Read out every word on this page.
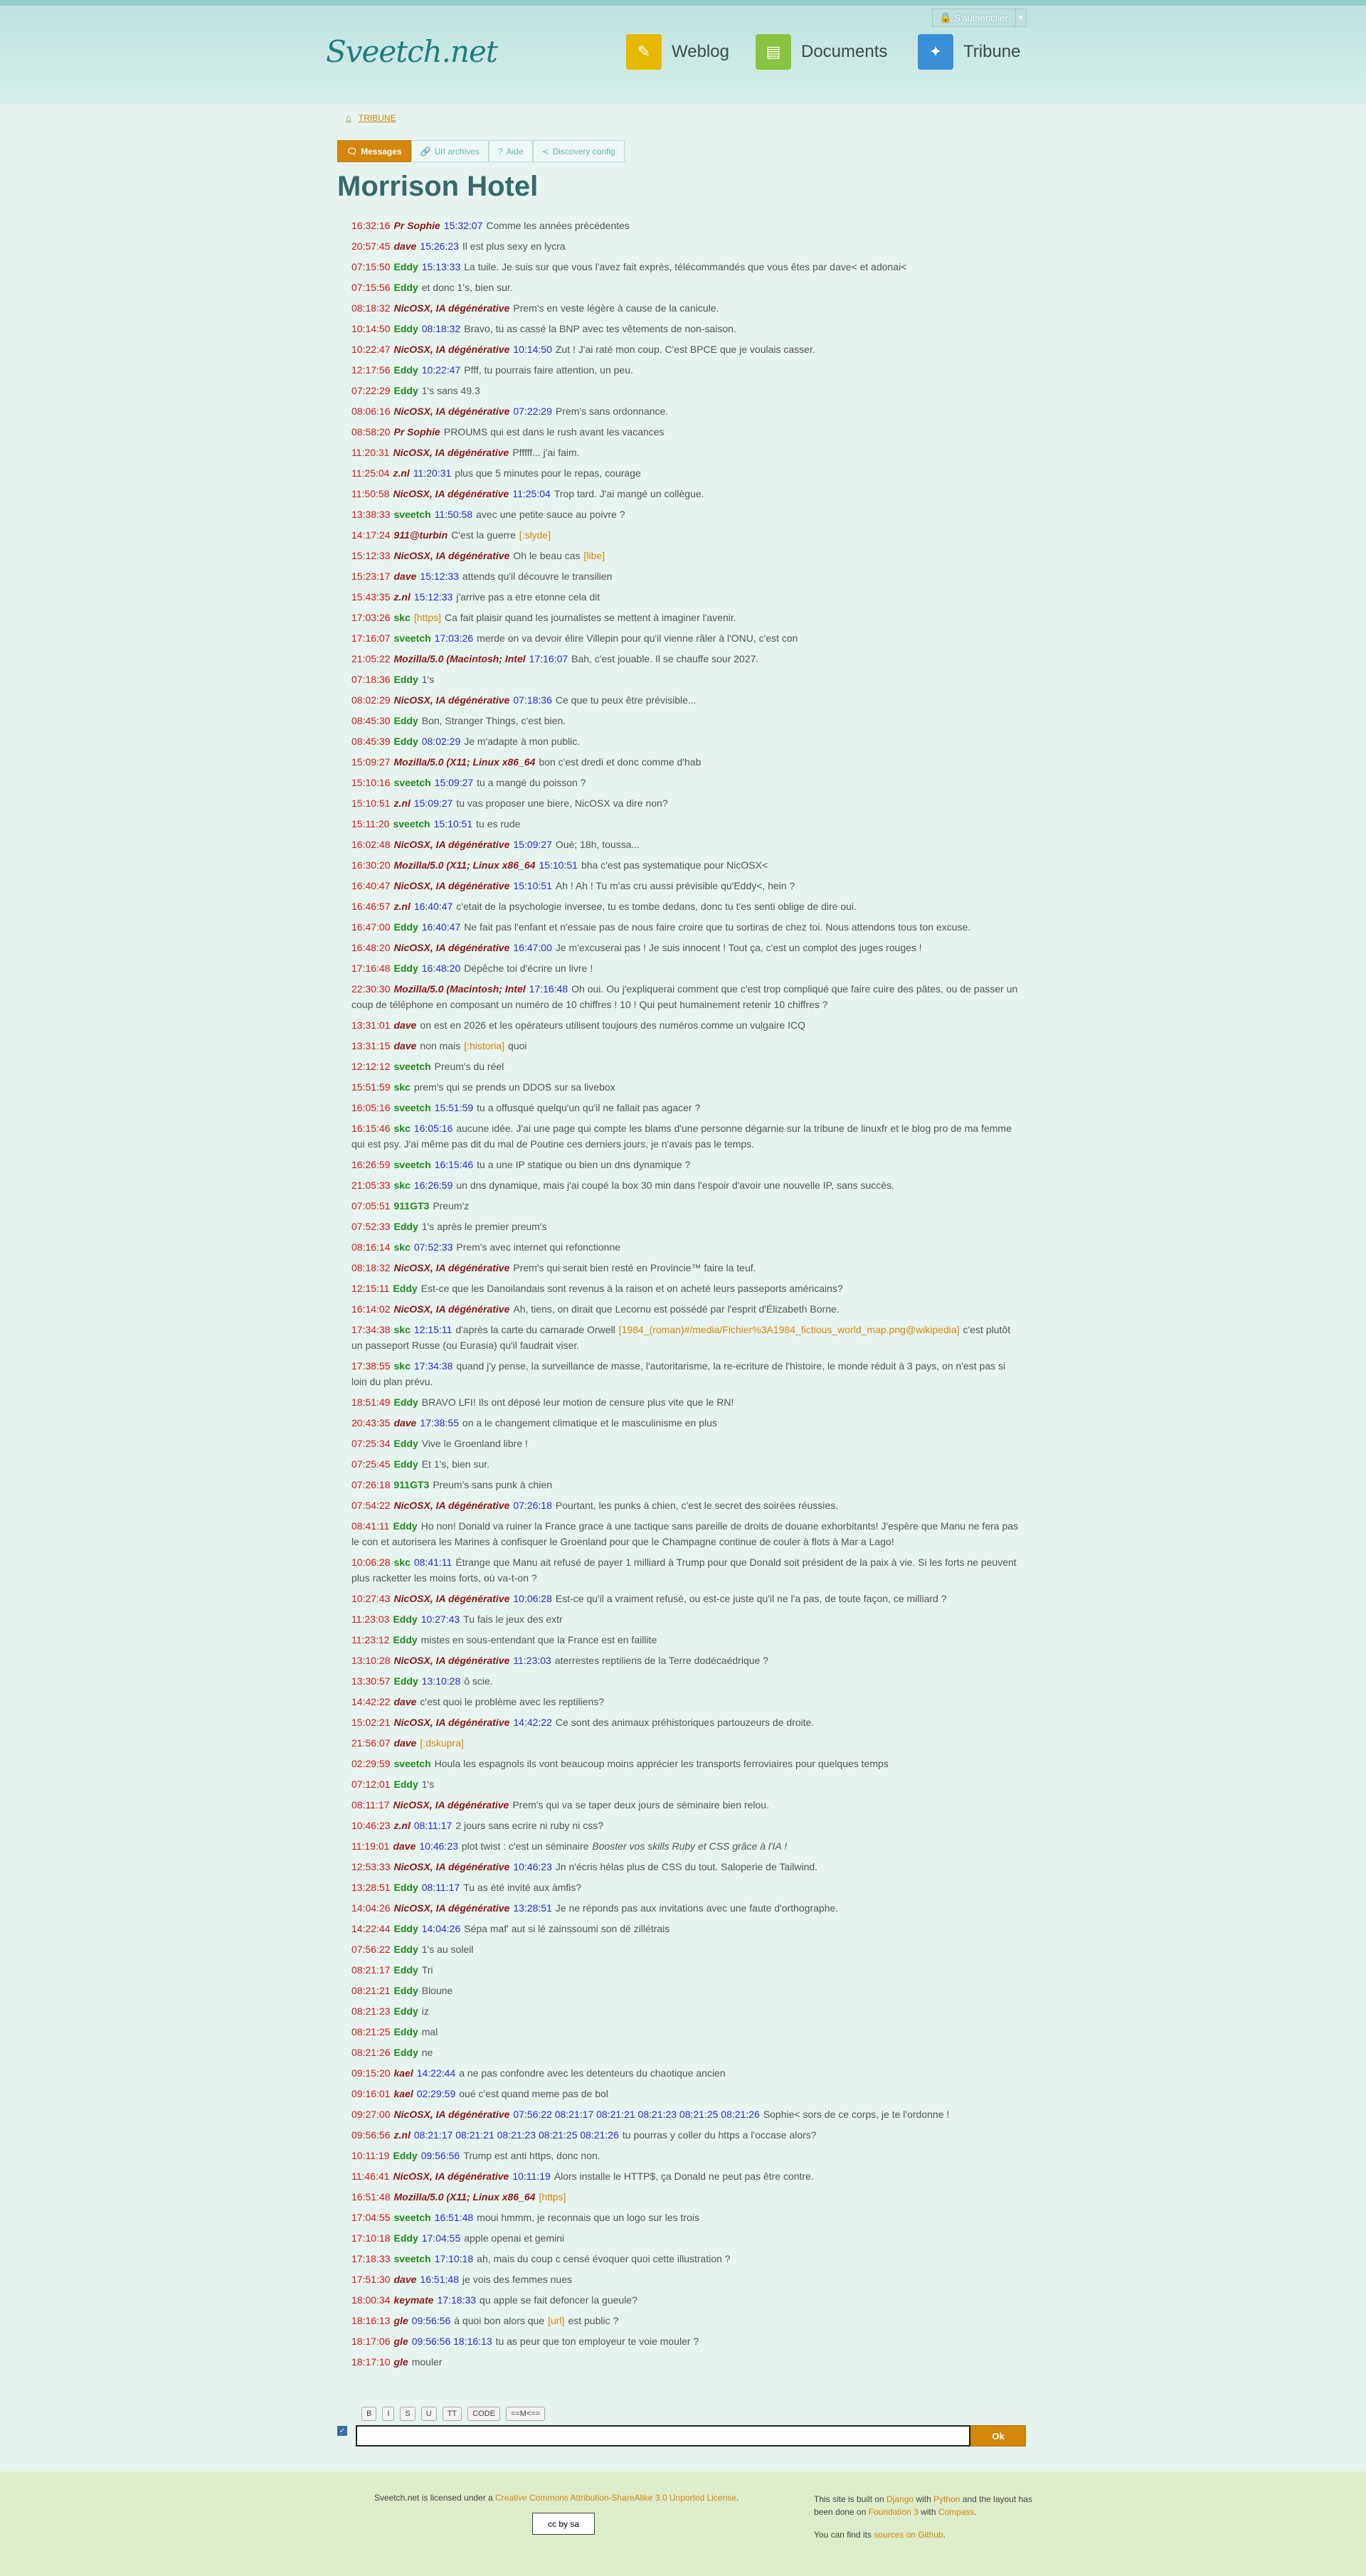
🔒 S'authentifier ▼
Sveetch.net	✎	Weblog	▤	Documents	✦	Tribune
⌂ TRIBUNE
🗨 Messages 🔗 Url archives ? Aide ≺ Discovery config
Morrison Hotel
16:32:16 Pr Sophie 15:32:07 Comme les années précédentes
20:57:45 dave 15:26:23 Il est plus sexy en lycra
07:15:50 Eddy 15:13:33 La tuile. Je suis sur que vous l'avez fait exprès, télécommandés que vous êtes par dave< et adonai<
07:15:56 Eddy et donc 1's, bien sur.
08:18:32 NicOSX, IA dégénérative Prem's en veste légère à cause de la canicule.
10:14:50 Eddy 08:18:32 Bravo, tu as cassé la BNP avec tes vêtements de non-saison.
10:22:47 NicOSX, IA dégénérative 10:14:50 Zut ! J'ai raté mon coup. C'est BPCE que je voulais casser.
12:17:56 Eddy 10:22:47 Pfff, tu pourrais faire attention, un peu.
07:22:29 Eddy 1's sans 49.3
08:06:16 NicOSX, IA dégénérative 07:22:29 Prem's sans ordonnance.
08:58:20 Pr Sophie PROUMS qui est dans le rush avant les vacances
11:20:31 NicOSX, IA dégénérative Pfffff... j'ai faim.
11:25:04 z.nl 11:20:31 plus que 5 minutes pour le repas, courage
11:50:58 NicOSX, IA dégénérative 11:25:04 Trop tard. J'ai mangé un collègue.
13:38:33 sveetch 11:50:58 avec une petite sauce au poivre ?
14:17:24 911@turbin C'est la guerre [:slyde]
15:12:33 NicOSX, IA dégénérative Oh le beau cas [libe]
15:23:17 dave 15:12:33 attends qu'il découvre le transilien
15:43:35 z.nl 15:12:33 j'arrive pas a etre etonne cela dit
17:03:26 skc [https] Ca fait plaisir quand les journalistes se mettent à imaginer l'avenir.
17:16:07 sveetch 17:03:26 merde on va devoir élire Villepin pour qu'il vienne râler à l'ONU, c'est con
21:05:22 Mozilla/5.0 (Macintosh; Intel 17:16:07 Bah, c'est jouable. Il se chauffe sour 2027.
07:18:36 Eddy 1's
08:02:29 NicOSX, IA dégénérative 07:18:36 Ce que tu peux être prévisible...
08:45:30 Eddy Bon, Stranger Things, c'est bien.
08:45:39 Eddy 08:02:29 Je m'adapte à mon public.
15:09:27 Mozilla/5.0 (X11; Linux x86_64 bon c'est dredi et donc comme d'hab
15:10:16 sveetch 15:09:27 tu a mangé du poisson ?
15:10:51 z.nl 15:09:27 tu vas proposer une biere, NicOSX va dire non?
15:11:20 sveetch 15:10:51 tu es rude
16:02:48 NicOSX, IA dégénérative 15:09:27 Oué; 18h, toussa...
16:30:20 Mozilla/5.0 (X11; Linux x86_64 15:10:51 bha c'est pas systematique pour NicOSX<
16:40:47 NicOSX, IA dégénérative 15:10:51 Ah ! Ah ! Tu m'as cru aussi prévisible qu'Eddy<, hein ?
16:46:57 z.nl 16:40:47 c'etait de la psychologie inversee, tu es tombe dedans, donc tu t'es senti oblige de dire oui.
16:47:00 Eddy 16:40:47 Ne fait pas l'enfant et n'essaie pas de nous faire croire que tu sortiras de chez toi. Nous attendons tous ton excuse.
16:48:20 NicOSX, IA dégénérative 16:47:00 Je m'excuserai pas ! Je suis innocent ! Tout ça, c'est un complot des juges rouges !
17:16:48 Eddy 16:48:20 Dépêche toi d'écrire un livre !
22:30:30 Mozilla/5.0 (Macintosh; Intel 17:16:48 Oh oui. Ou j'expliquerai comment que c'est trop compliqué que faire cuire des pâtes, ou de passer un coup de téléphone en composant un numéro de 10 chiffres ! 10 ! Qui peut humainement retenir 10 chiffres ?
13:31:01 dave on est en 2026 et les opérateurs utilisent toujours des numéros comme un vulgaire ICQ
13:31:15 dave non mais [:historia] quoi
12:12:12 sveetch Preum's du réel
15:51:59 skc prem's qui se prends un DDOS sur sa livebox
16:05:16 sveetch 15:51:59 tu a offusqué quelqu'un qu'il ne fallait pas agacer ?
16:15:46 skc 16:05:16 aucune idée. J'ai une page qui compte les blams d'une personne dégarnie sur la tribune de linuxfr et le blog pro de ma femme qui est psy. J'ai même pas dit du mal de Poutine ces derniers jours, je n'avais pas le temps.
16:26:59 sveetch 16:15:46 tu a une IP statique ou bien un dns dynamique ?
21:05:33 skc 16:26:59 un dns dynamique, mais j'ai coupé la box 30 min dans l'espoir d'avoir une nouvelle IP, sans succès.
07:05:51 911GT3 Preum'z
07:52:33 Eddy 1's après le premier preum's
08:16:14 skc 07:52:33 Prem's avec internet qui refonctionne
08:18:32 NicOSX, IA dégénérative Prem's qui serait bien resté en Provincie™ faire la teuf.
12:15:11 Eddy Est-ce que les Danoilandais sont revenus à la raison et on acheté leurs passeports américains?
16:14:02 NicOSX, IA dégénérative Ah, tiens, on dirait que Lecornu est possédé par l'esprit d'Élizabeth Borne.
17:34:38 skc 12:15:11 d'après la carte du camarade Orwell [1984_(roman)#/media/Fichier%3A1984_fictious_world_map.png@wikipedia] c'est plutôt un passeport Russe (ou Eurasia) qu'il faudrait viser.
17:38:55 skc 17:34:38 quand j'y pense, la surveillance de masse, l'autoritarisme, la re-ecriture de l'histoire, le monde réduit à 3 pays, on n'est pas si loin du plan prévu.
18:51:49 Eddy BRAVO LFI! Ils ont déposé leur motion de censure plus vite que le RN!
20:43:35 dave 17:38:55 on a le changement climatique et le masculinisme en plus
07:25:34 Eddy Vive le Groenland libre !
07:25:45 Eddy Et 1's, bien sur.
07:26:18 911GT3 Preum's sans punk à chien
07:54:22 NicOSX, IA dégénérative 07:26:18 Pourtant, les punks à chien, c'est le secret des soirées réussies.
08:41:11 Eddy Ho non! Donald va ruiner la France grace à une tactique sans pareille de droits de douane exhorbitants! J'espère que Manu ne fera pas le con et autorisera les Marines à confisquer le Groenland pour que le Champagne continue de couler à flots à Mar a Lago!
10:06:28 skc 08:41:11 Étrange que Manu ait refusé de payer 1 milliard à Trump pour que Donald soit président de la paix à vie. Si les forts ne peuvent plus racketter les moins forts, où va-t-on ?
10:27:43 NicOSX, IA dégénérative 10:06:28 Est-ce qu'il a vraiment refusé, ou est-ce juste qu'il ne l'a pas, de toute façon, ce milliard ?
11:23:03 Eddy 10:27:43 Tu fais le jeux des extr
11:23:12 Eddy mistes en sous-entendant que la France est en faillite
13:10:28 NicOSX, IA dégénérative 11:23:03 aterrestes reptiliens de la Terre dodécaédrique ?
13:30:57 Eddy 13:10:28 ô scie.
14:42:22 dave c'est quoi le problème avec les reptiliens?
15:02:21 NicOSX, IA dégénérative 14:42:22 Ce sont des animaux préhistoriques partouzeurs de droite.
21:56:07 dave [:dskupra]
02:29:59 sveetch Houla les espagnols ils vont beaucoup moins apprécier les transports ferroviaires pour quelques temps
07:12:01 Eddy 1's
08:11:17 NicOSX, IA dégénérative Prem's qui va se taper deux jours de séminaire bien relou.
10:46:23 z.nl 08:11:17 2 jours sans ecrire ni ruby ni css?
11:19:01 dave 10:46:23 plot twist : c'est un séminaire Booster vos skills Ruby et CSS grâce à l'IA !
12:53:33 NicOSX, IA dégénérative 10:46:23 Jn n'écris hélas plus de CSS du tout. Saloperie de Tailwind.
13:28:51 Eddy 08:11:17 Tu as été invité aux àmfis?
14:04:26 NicOSX, IA dégénérative 13:28:51 Je ne réponds pas aux invitations avec une faute d'orthographe.
14:22:44 Eddy 14:04:26 Sépa maf' aut si lé zainssoumi son dé zillétrais
07:56:22 Eddy 1's au soleil
08:21:17 Eddy Tri
08:21:21 Eddy Bloune
08:21:23 Eddy iz
08:21:25 Eddy mal
08:21:26 Eddy ne
09:15:20 kael 14:22:44 a ne pas confondre avec les detenteurs du chaotique ancien
09:16:01 kael 02:29:59 oué c'est quand meme pas de bol
09:27:00 NicOSX, IA dégénérative 07:56:22 08:21:17 08:21:21 08:21:23 08:21:25 08:21:26 Sophie< sors de ce corps, je te l'ordonne !
09:56:56 z.nl 08:21:17 08:21:21 08:21:23 08:21:25 08:21:26 tu pourras y coller du https a l'occase alors?
10:11:19 Eddy 09:56:56 Trump est anti https, donc non.
11:46:41 NicOSX, IA dégénérative 10:11:19 Alors installe le HTTP$, ça Donald ne peut pas être contre.
16:51:48 Mozilla/5.0 (X11; Linux x86_64 [https]
17:04:55 sveetch 16:51:48 moui hmmm, je reconnais que un logo sur les trois
17:10:18 Eddy 17:04:55 apple openai et gemini
17:18:33 sveetch 17:10:18 ah, mais du coup c censé évoquer quoi cette illustration ?
17:51:30 dave 16:51:48 je vois des femmes nues
18:00:34 keymate 17:18:33 qu apple se fait defoncer la gueule?
18:16:13 gle 09:56:56 à quoi bon alors que [url] est public ?
18:17:06 gle 09:56:56 18:16:13 tu as peur que ton employeur te voie mouler ?
18:17:10 gle mouler
B	I	S	U	TT	CODE	==M<==
✓	Ok
Sveetch.net is licensed under a Creative Commons Attribution-ShareAlike 3.0 Unported License.
cc by sa
This site is built on Django with Python and the layout has been done on Foundation 3 with Compass.
You can find its sources on Github.
